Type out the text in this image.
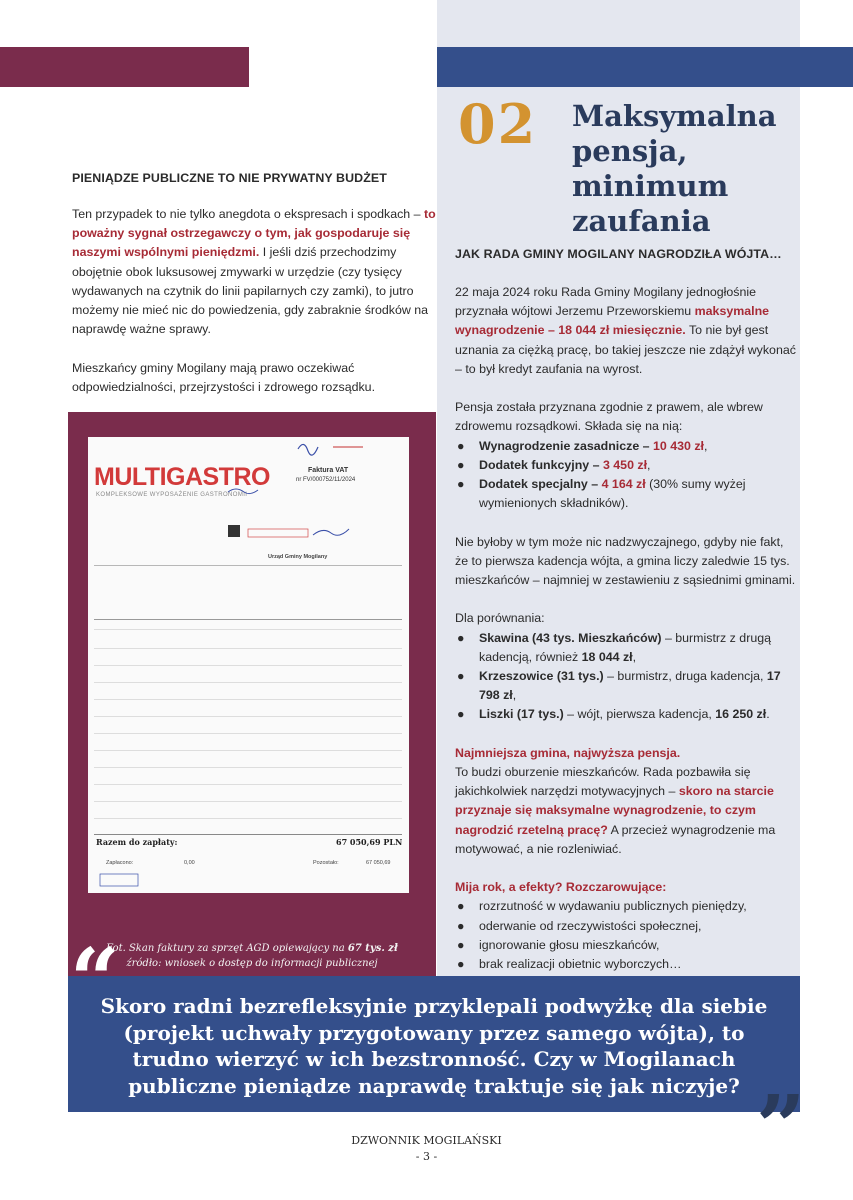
02 Maksymalna pensja, minimum zaufania
PIENIĄDZE PUBLICZNE TO NIE PRYWATNY BUDŻET

Ten przypadek to nie tylko anegdota o ekspresach i spodkach – to poważny sygnał ostrzegawczy o tym, jak gospodaruje się naszymi wspólnymi pieniędzmi. I jeśli dziś przechodzimy obojętnie obok luksusowej zmywarki w urzędzie (czy tysięcy wydawanych na czytnik do linii papilarnych czy zamki), to jutro możemy nie mieć nic do powiedzenia, gdy zabraknie środków na naprawdę ważne sprawy.

Mieszkańcy gminy Mogilany mają prawo oczekiwać odpowiedzialności, przejrzystości i zdrowego rozsądku.

JAK RADA GMINY MOGILANY NAGRODZIŁA WÓJTA…

22 maja 2024 roku Rada Gminy Mogilany jednogłośnie przyznała wójtowi Jerzemu Przeworskiemu maksymalne wynagrodzenie – 18 044 zł miesięcznie. To nie był gest uznania za ciężką pracę, bo takiej jeszcze nie zdążył wykonać – to był kredyt zaufania na wyrost.

Pensja została przyznana zgodnie z prawem, ale wbrew zdrowemu rozsądkowi. Składa się na nią:

● Wynagrodzenie zasadnicze – 10 430 zł,
● Dodatek funkcyjny – 3 450 zł,
● Dodatek specjalny – 4 164 zł (30% sumy wyżej wymienionych składników).

Nie byłoby w tym może nic nadzwyczajnego, gdyby nie fakt, że to pierwsza kadencja wójta, a gmina liczy zaledwie 15 tys. mieszkańców – najmniej w zestawieniu z sąsiednimi gminami.

Dla porównania:

● Skawina (43 tys. Mieszkańców) – burmistrz z drugą kadencją, również 18 044 zł,
● Krzeszowice (31 tys.) – burmistrz, druga kadencja, 17 798 zł,
● Liszki (17 tys.) – wójt, pierwsza kadencja, 16 250 zł.

Najmniejsza gmina, najwyższa pensja.

To budzi oburzenie mieszkańców. Rada pozbawiła się jakichkolwiek narzędzi motywacyjnych – skoro na starcie przyznaje się maksymalne wynagrodzenie, to czym nagrodzić rzetelną pracę? A przecież wynagrodzenie ma motywować, a nie rozleniwiać.

Mija rok, a efekty? Rozczarowujące:

● rozrzutność w wydawaniu publicznych pieniędzy,
● oderwanie od rzeczywistości społecznej,
● ignorowanie głosu mieszkańców,
● brak realizacji obietnic wyborczych…
MULTIGASTRO
KOMPLEKSOWE WYPOSAŻENIE GASTRONOMII
Faktura VAT
nr FV/000752/11/2024
Urząd Gminy Mogilany
Razem do zapłaty:	67 050,69 PLN
Zapłacono:	0,00	Pozostało:	67 050,69
Fot. Skan faktury za sprzęt AGD opiewający na 67 tys. zł
źródło: wniosek o dostęp do informacji publicznej
“
Skoro radni bezrefleksyjnie przyklepali podwyżkę dla siebie (projekt uchwały przygotowany przez samego wójta), to trudno wierzyć w ich bezstronność. Czy w Mogilanach publiczne pieniądze naprawdę traktuje się jak niczyje? ”
DZWONNIK MOGILAŃSKI
- 3 -
